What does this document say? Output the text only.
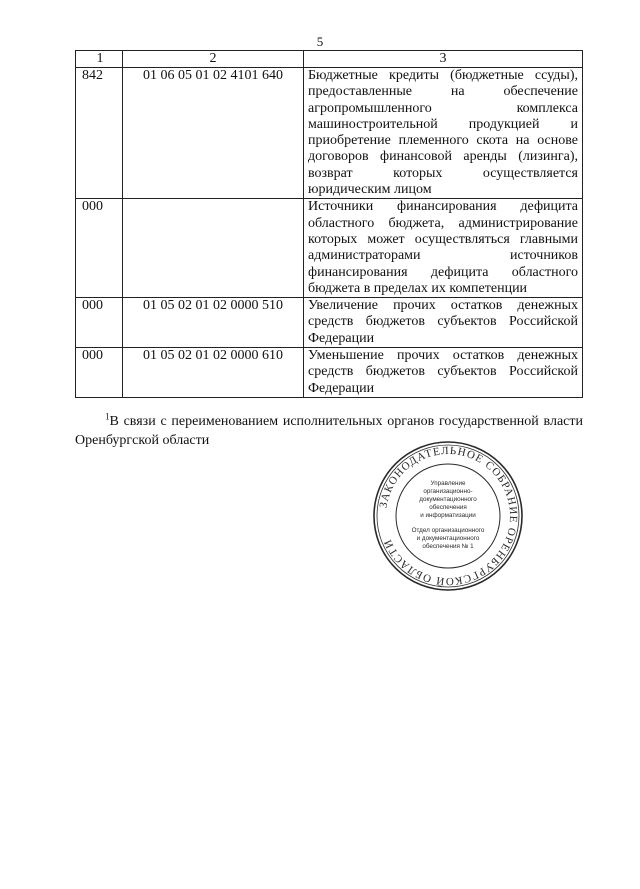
5
1	2	3
842	01 06 05 01 02 4101 640	Бюджетные кредиты (бюджетные ссуды), предоставленные на обеспечение агропромышленного комплекса машиностроительной продукцией и приобретение племенного скота на основе договоров финансовой аренды (лизинга), возврат которых осуществляется юридическим лицом
000		Источники финансирования дефицита областного бюджета, администрирование которых может осуществляться главными администраторами источников финансирования дефицита областного бюджета в пределах их компетенции
000	01 05 02 01 02 0000 510	Увеличение прочих остатков денежных средств бюджетов субъектов Российской Федерации
000	01 05 02 01 02 0000 610	Уменьшение прочих остатков денежных средств бюджетов субъектов Российской Федерации
$^1$В связи с переименованием исполнительных органов государственной власти Оренбургской области
ЗАКОНОДАТЕЛЬНОЕ СОБРАНИЕ ОРЕНБУРГСКОЙ ОБЛАСТИ
Управление
организационно-
документационного
обеспечения
и информатизации
Отдел организационного
и документационного
обеспечения № 1
